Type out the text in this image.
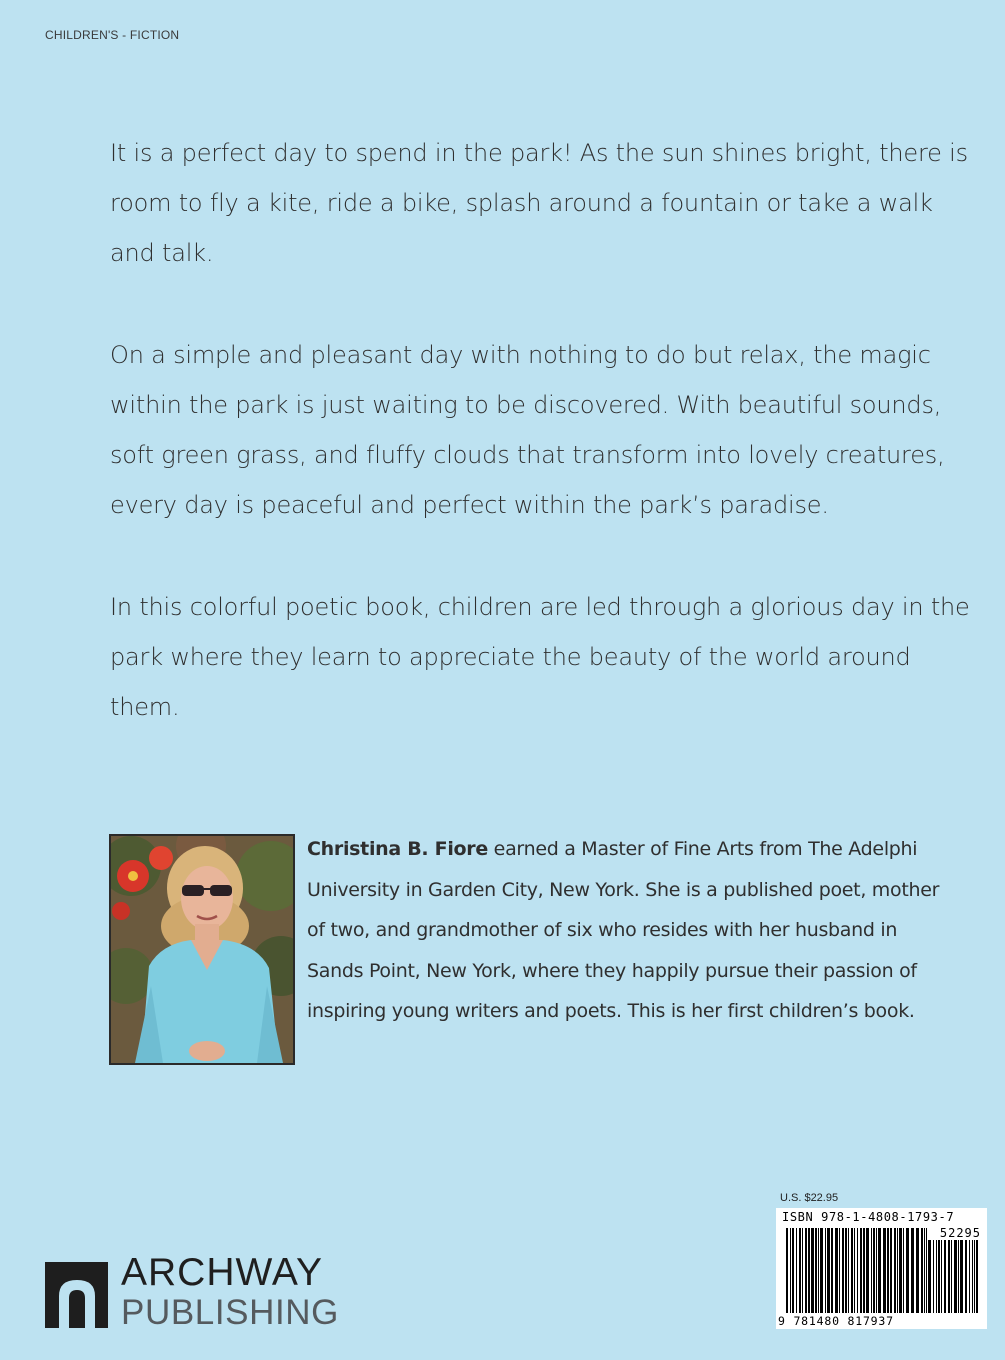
CHILDREN'S - FICTION

It is a perfect day to spend in the park! As the sun shines bright, there is room to fly a kite, ride a bike, splash around a fountain or take a walk and talk.

On a simple and pleasant day with nothing to do but relax, the magic within the park is just waiting to be discovered. With beautiful sounds, soft green grass, and fluffy clouds that transform into lovely creatures, every day is peaceful and perfect within the park’s paradise.

In this colorful poetic book, children are led through a glorious day in the park where they learn to appreciate the beauty of the world around them.

Christina B. Fiore earned a Master of Fine Arts from The Adelphi University in Garden City, New York. She is a published poet, mother of two, and grandmother of six who resides with her husband in Sands Point, New York, where they happily pursue their passion of inspiring young writers and poets. This is her first children’s book.

U.S. $22.95
ISBN 978-1-4808-1793-7
52295
9 781480 817937
ARCHWAY
PUBLISHING
